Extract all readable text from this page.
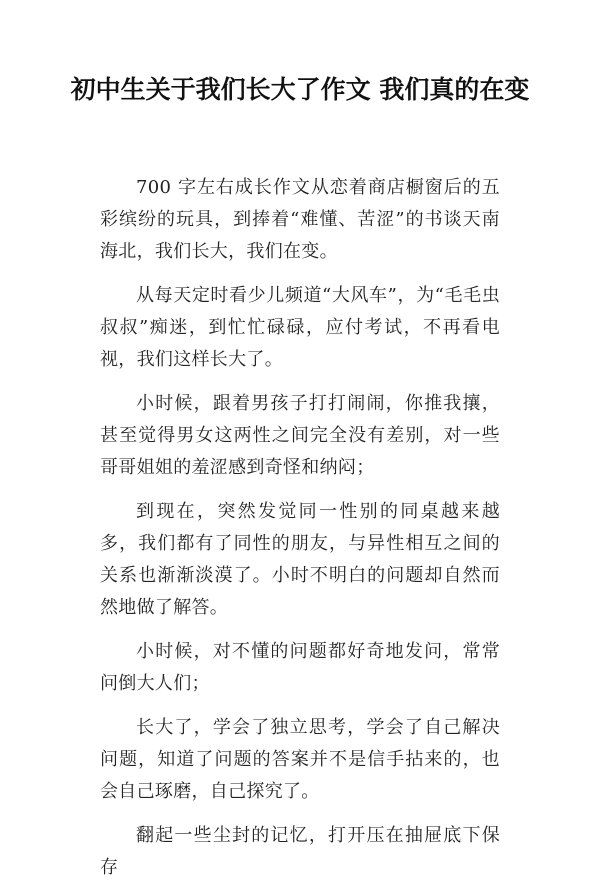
初中生关于我们长大了作文 我们真的在变

700 字左右成长作文从恋着商店橱窗后的五彩缤纷的玩具，到捧着“难懂、苦涩”的书谈天南海北，我们长大，我们在变。

从每天定时看少儿频道“大风车”，为“毛毛虫叔叔”痴迷，到忙忙碌碌，应付考试，不再看电视，我们这样长大了。

小时候，跟着男孩子打打闹闹，你推我攘，甚至觉得男女这两性之间完全没有差别，对一些哥哥姐姐的羞涩感到奇怪和纳闷；

到现在，突然发觉同一性别的同桌越来越多，我们都有了同性的朋友，与异性相互之间的关系也渐渐淡漠了。小时不明白的问题却自然而然地做了解答。

小时候，对不懂的问题都好奇地发问，常常问倒大人们；

长大了，学会了独立思考，学会了自己解决问题，知道了问题的答案并不是信手拈来的，也会自己琢磨，自己探究了。

翻起一些尘封的记忆，打开压在抽屉底下保存
